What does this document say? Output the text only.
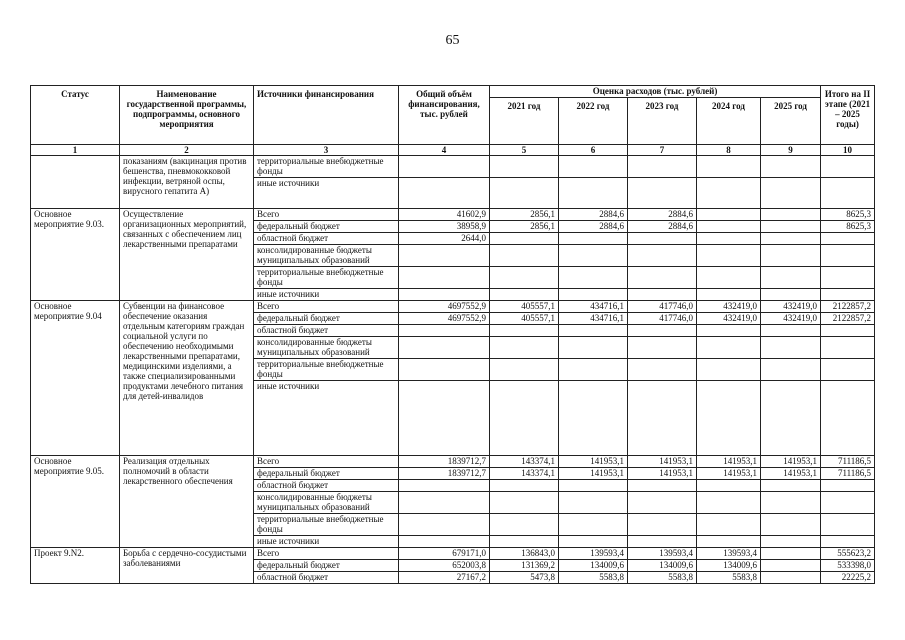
65
Статус	Наименование государственной программы, подпрограммы, основного мероприятия	Источники финансирования	Общий объём финансирования, тыс. рублей	Оценка расходов (тыс. рублей)					Итого на II этапе (2021 – 2025 годы)
				2021 год	2022 год	2023 год	2024 год	2025 год	
1	2	3	4	5	6	7	8	9	10
	показаниям (вакцинация против бешенства, пневмококковой инфекции, ветряной оспы, вирусного гепатита А)	территориальные внебюджетные фонды							
		иные источники							
Основное мероприятие 9.03.	Осуществление организационных мероприятий, связанных с обеспечением лиц лекарственными препаратами	Всего	41602,9	2856,1	2884,6	2884,6			8625,3
		федеральный бюджет	38958,9	2856,1	2884,6	2884,6			8625,3
		областной бюджет	2644,0						
		консолидированные бюджеты муниципальных образований							
		территориальные внебюджетные фонды							
		иные источники							
Основное мероприятие 9.04	Субвенции на финансовое обеспечение оказания отдельным категориям граждан социальной услуги по обеспечению необходимыми лекарственными препаратами, медицинскими изделиями, а также специализированными продуктами лечебного питания для детей-инвалидов	Всего	4697552,9	405557,1	434716,1	417746,0	432419,0	432419,0	2122857,2
		федеральный бюджет	4697552,9	405557,1	434716,1	417746,0	432419,0	432419,0	2122857,2
		областной бюджет							
		консолидированные бюджеты муниципальных образований							
		территориальные внебюджетные фонды							
		иные источники							
Основное мероприятие 9.05.	Реализация отдельных полномочий в области лекарственного обеспечения	Всего	1839712,7	143374,1	141953,1	141953,1	141953,1	141953,1	711186,5
		федеральный бюджет	1839712,7	143374,1	141953,1	141953,1	141953,1	141953,1	711186,5
		областной бюджет							
		консолидированные бюджеты муниципальных образований							
		территориальные внебюджетные фонды							
		иные источники							
Проект 9.N2.	Борьба с сердечно-сосудистыми заболеваниями	Всего	679171,0	136843,0	139593,4	139593,4	139593,4		555623,2
		федеральный бюджет	652003,8	131369,2	134009,6	134009,6	134009,6		533398,0
		областной бюджет	27167,2	5473,8	5583,8	5583,8	5583,8		22225,2
